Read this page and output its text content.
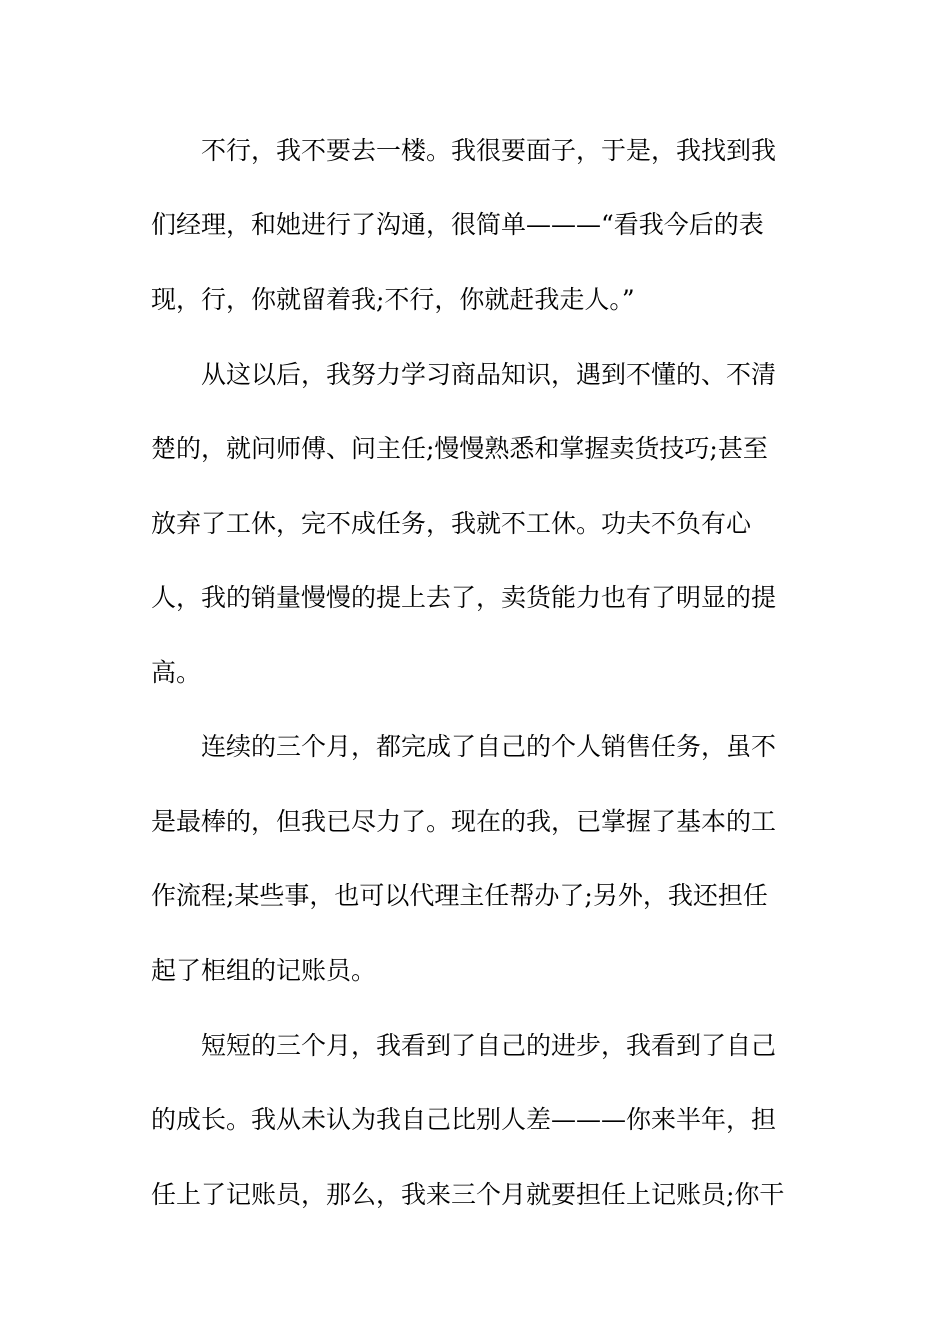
不行，我不要去一楼。我很要面子，于是，我找到我
们经理，和她进行了沟通，很简单———“看我今后的表
现，行，你就留着我;不行，你就赶我走人。”
从这以后，我努力学习商品知识，遇到不懂的、不清
楚的，就问师傅、问主任;慢慢熟悉和掌握卖货技巧;甚至
放弃了工休，完不成任务，我就不工休。功夫不负有心
人，我的销量慢慢的提上去了，卖货能力也有了明显的提
高。
连续的三个月，都完成了自己的个人销售任务，虽不
是最棒的，但我已尽力了。现在的我，已掌握了基本的工
作流程;某些事，也可以代理主任帮办了;另外，我还担任
起了柜组的记账员。
短短的三个月，我看到了自己的进步，我看到了自己
的成长。我从未认为我自己比别人差———你来半年，担
任上了记账员，那么，我来三个月就要担任上记账员;你干
